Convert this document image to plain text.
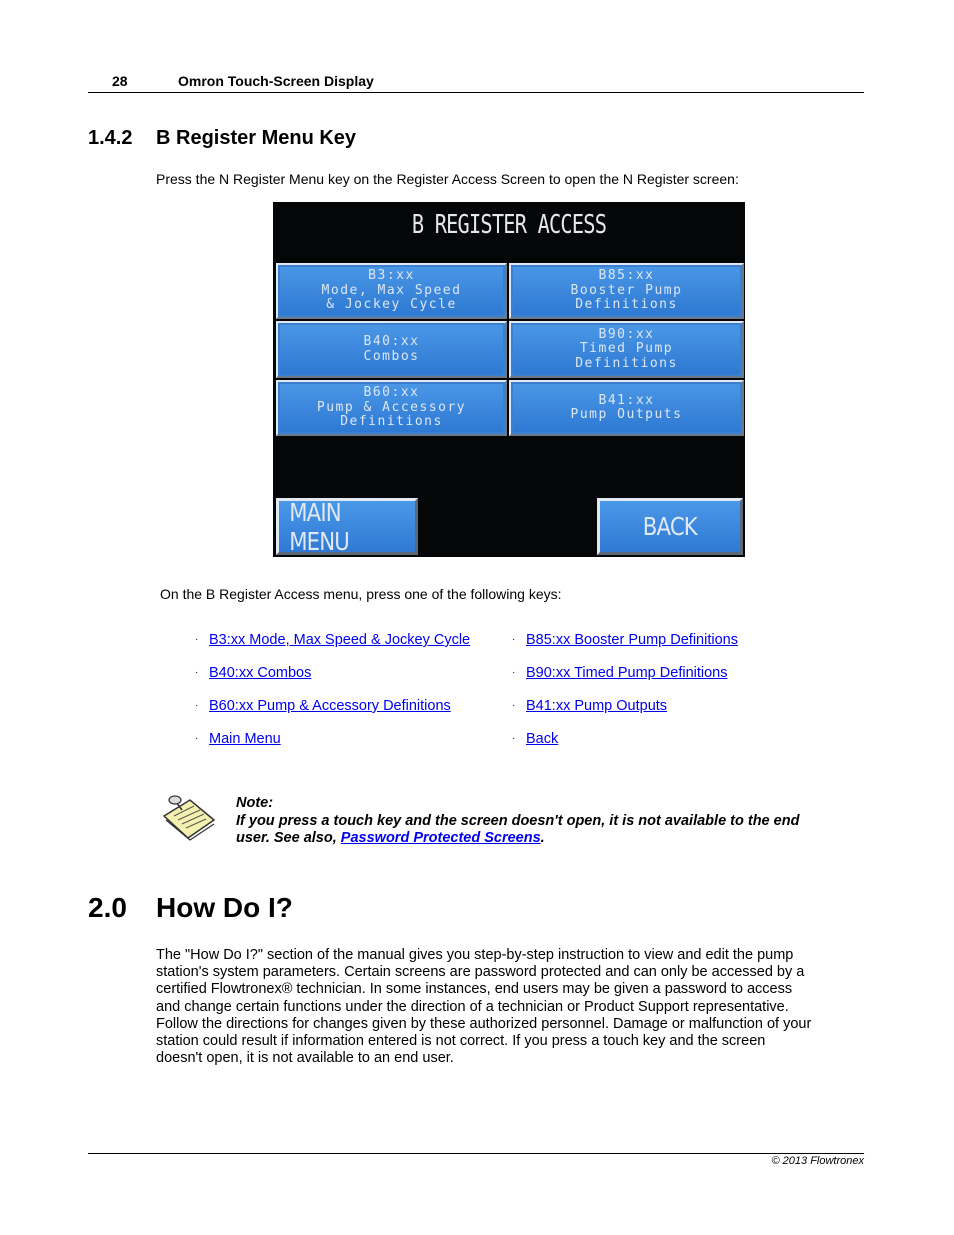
28	Omron Touch-Screen Display
1.4.2 B Register Menu Key
Press the N Register Menu key on the Register Access Screen to open the N Register screen:
B REGISTER ACCESS
B3:xx
Mode, Max Speed
& Jockey Cycle
B85:xx
Booster Pump
Definitions
B40:xx
Combos
B90:xx
Timed Pump
Definitions
B60:xx
Pump & Accessory
Definitions
B41:xx
Pump Outputs
MAIN MENU	BACK
On the B Register Access menu, press one of the following keys:
· B3:xx Mode, Max Speed & Jockey Cycle
· B40:xx Combos
· B60:xx Pump & Accessory Definitions
· Main Menu
· B85:xx Booster Pump Definitions
· B90:xx Timed Pump Definitions
· B41:xx Pump Outputs
· Back
Note:
If you press a touch key and the screen doesn't open, it is not available to the end
user. See also, Password Protected Screens.
2.0 How Do I?
The "How Do I?" section of the manual gives you step-by-step instruction to view and edit the pump
station's system parameters. Certain screens are password protected and can only be accessed by a
certified Flowtronex® technician. In some instances, end users may be given a password to access
and change certain functions under the direction of a technician or Product Support representative.
Follow the directions for changes given by these authorized personnel. Damage or malfunction of your
station could result if information entered is not correct. If you press a touch key and the screen
doesn't open, it is not available to an end user.
© 2013 Flowtronex
